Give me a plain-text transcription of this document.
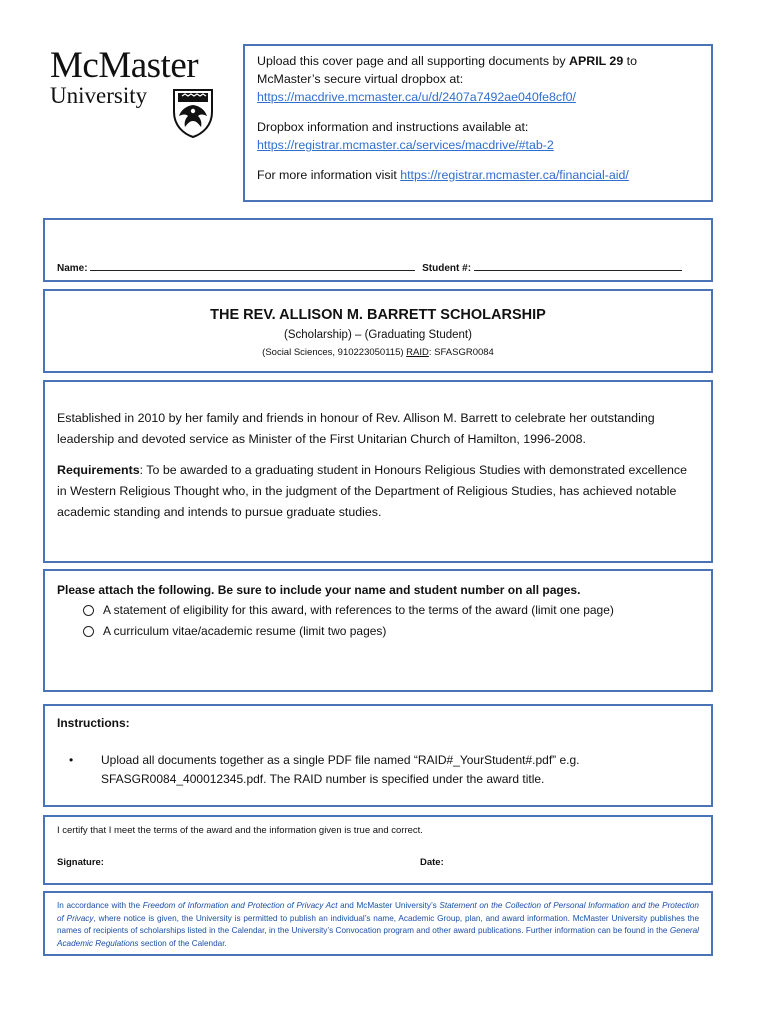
McMaster
University

Upload this cover page and all supporting documents by APRIL 29 to McMaster’s secure virtual dropbox at: https://macdrive.mcmaster.ca/u/d/2407a7492ae040fe8cf0/

Dropbox information and instructions available at:
https://registrar.mcmaster.ca/services/macdrive/#tab-2

For more information visit https://registrar.mcmaster.ca/financial-aid/

Name:	Student #:
THE REV. ALLISON M. BARRETT SCHOLARSHIP
(Scholarship) – (Graduating Student)
(Social Sciences, 910223050115) RAID: SFASGR0084

Established in 2010 by her family and friends in honour of Rev. Allison M. Barrett to celebrate her outstanding leadership and devoted service as Minister of the First Unitarian Church of Hamilton, 1996-2008.

Requirements: To be awarded to a graduating student in Honours Religious Studies with demonstrated excellence in Western Religious Thought who, in the judgment of the Department of Religious Studies, has achieved notable academic standing and intends to pursue graduate studies.

Please attach the following. Be sure to include your name and student number on all pages.
A statement of eligibility for this award, with references to the terms of the award (limit one page)
A curriculum vitae/academic resume (limit two pages)
Instructions:
•	Upload all documents together as a single PDF file named “RAID#_YourStudent#.pdf” e.g. SFASGR0084_400012345.pdf. The RAID number is specified under the award title.
I certify that I meet the terms of the award and the information given is true and correct.
Signature:	Date:
In accordance with the Freedom of Information and Protection of Privacy Act and McMaster University’s Statement on the Collection of Personal Information and the Protection of Privacy, where notice is given, the University is permitted to publish an individual’s name, Academic Group, plan, and award information. McMaster University publishes the names of recipients of scholarships listed in the Calendar, in the University’s Convocation program and other award publications. Further information can be found in the General Academic Regulations section of the Calendar.
